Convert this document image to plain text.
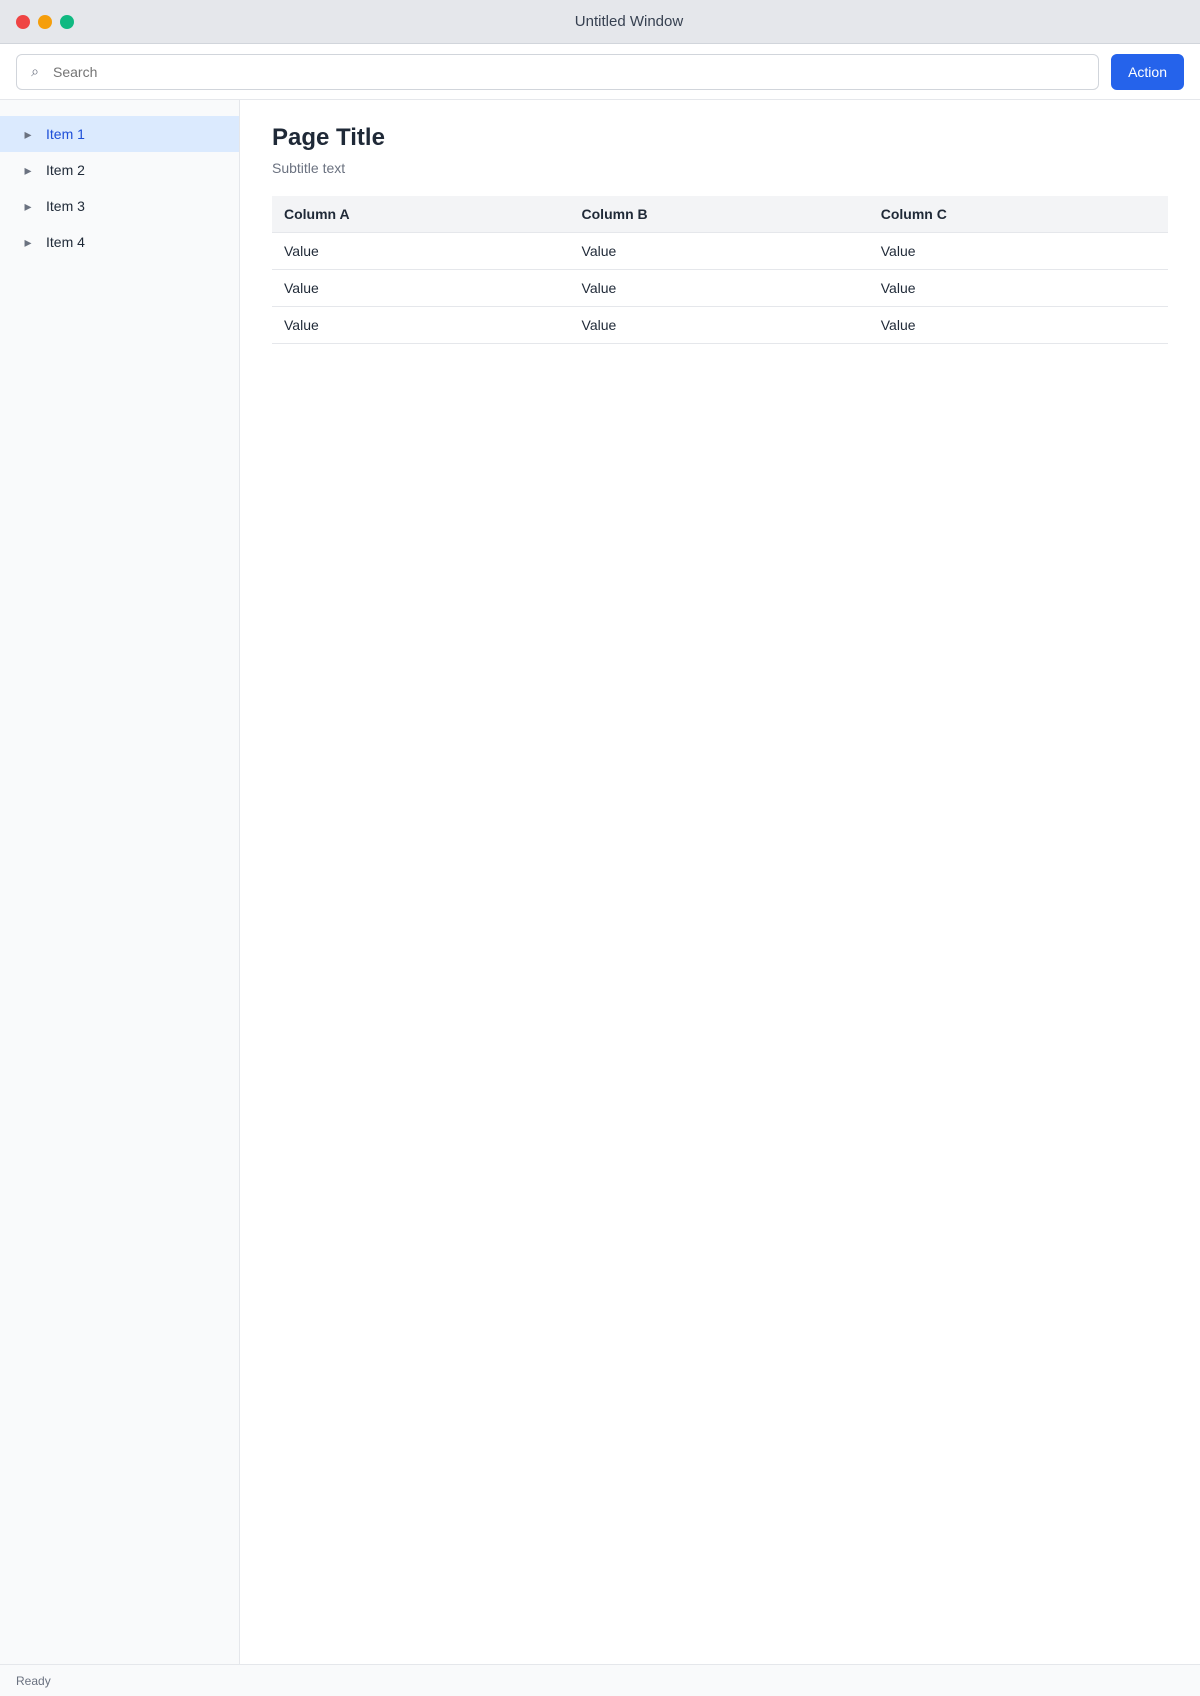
Untitled Window
⌕
Search	Action
▸	Item 1
▸	Item 2
▸	Item 3
▸	Item 4
Page Title

Subtitle text

Column A	Column B	Column C
Value	Value	Value
Value	Value	Value
Value	Value	Value
Ready
